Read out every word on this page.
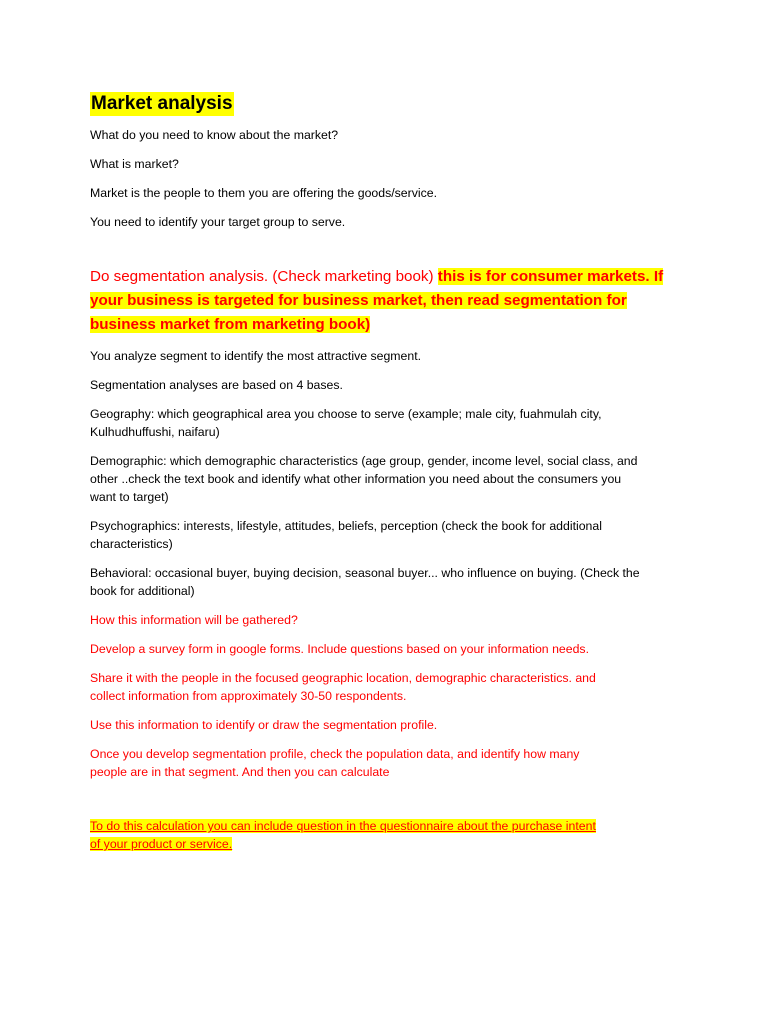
Market analysis
What do you need to know about the market?
What is market?
Market is the people to them you are offering the goods/service.
You need to identify your target group to serve.
Do segmentation analysis. (Check marketing book) this is for consumer markets. If
your business is targeted for business market, then read segmentation for
business market from marketing book)
You analyze segment to identify the most attractive segment.
Segmentation analyses are based on 4 bases.
Geography: which geographical area you choose to serve (example; male city, fuahmulah city,
Kulhudhuffushi, naifaru)
Demographic: which demographic characteristics (age group, gender, income level, social class, and
other ..check the text book and identify what other information you need about the consumers you
want to target)
Psychographics: interests, lifestyle, attitudes, beliefs, perception (check the book for additional
characteristics)
Behavioral: occasional buyer, buying decision, seasonal buyer... who influence on buying. (Check the
book for additional)
How this information will be gathered?
Develop a survey form in google forms. Include questions based on your information needs.
Share it with the people in the focused geographic location, demographic characteristics. and
collect information from approximately 30-50 respondents.
Use this information to identify or draw the segmentation profile.
Once you develop segmentation profile, check the population data, and identify how many
people are in that segment. And then you can calculate
To do this calculation you can include question in the questionnaire about the purchase intent
of your product or service.
